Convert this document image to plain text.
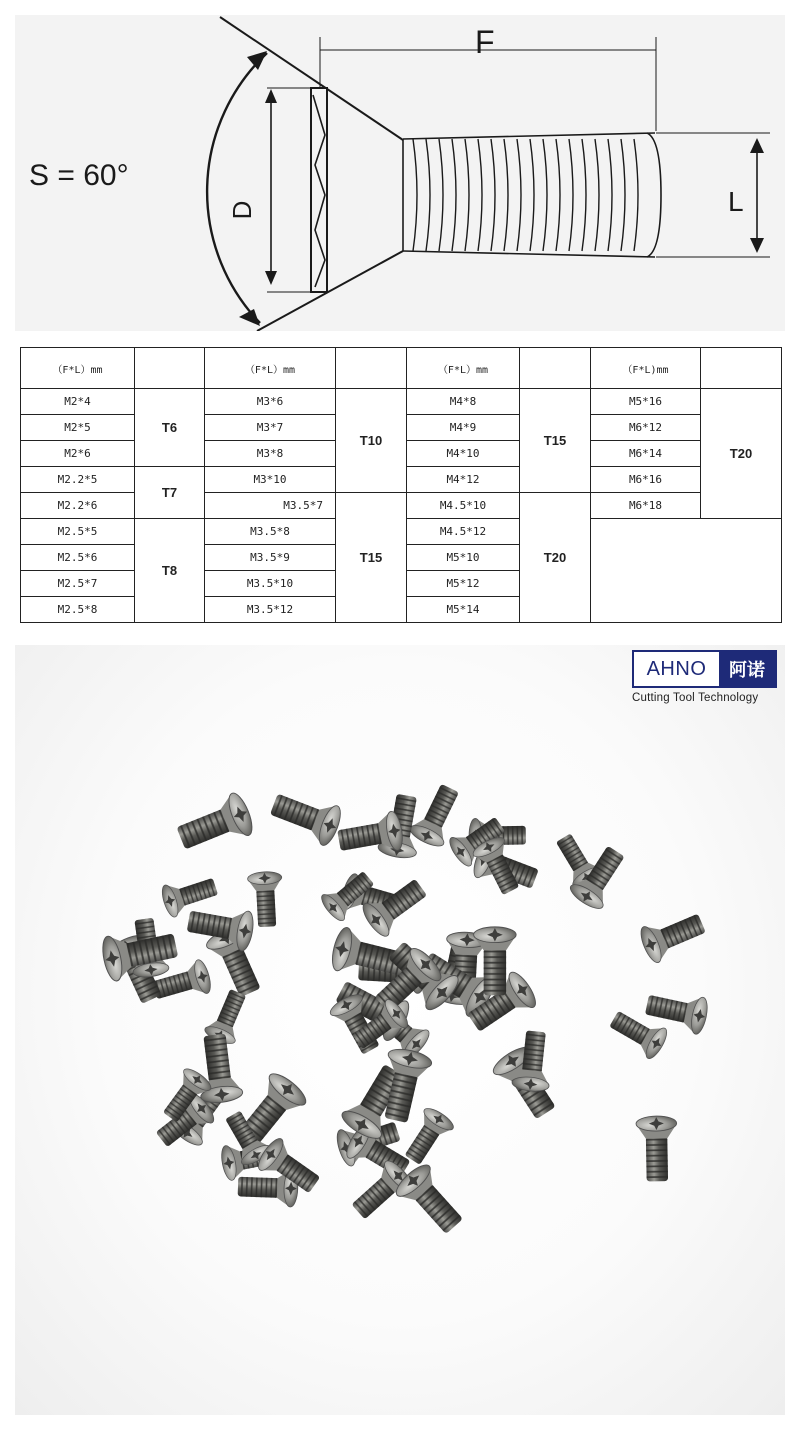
S = 60°
F
D	L
（F*L）mm		（F*L）mm		（F*L）mm		（F*L)mm	
M2*4	T6	M3*6	T10	M4*8	T15	M5*16	T20
M2*5		M3*7		M4*9		M6*12	
M2*6		M3*8		M4*10		M6*14	
M2.2*5	T7	M3*10		M4*12		M6*16	
M2.2*6		M3.5*7	T15	M4.5*10	T20	M6*18	
M2.5*5	T8	M3.5*8		M4.5*12			
M2.5*6		M3.5*9		M5*10			
M2.5*7		M3.5*10		M5*12			
M2.5*8		M3.5*12		M5*14			
AHNO	阿诺
Cutting Tool Technology
